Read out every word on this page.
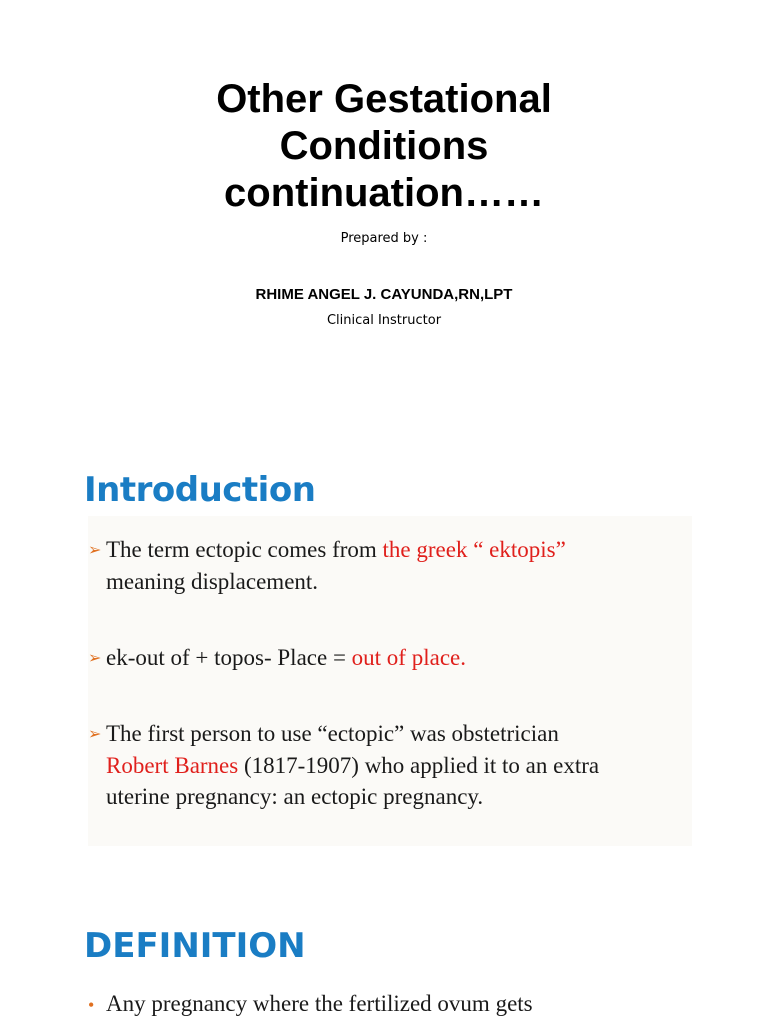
Other Gestational
Conditions
continuation……
Prepared by :
RHIME ANGEL J. CAYUNDA,RN,LPT
Clinical Instructor
Introduction
➢ The term ectopic comes from the greek “ ektopis”
meaning displacement.
➢ ek-out of + topos- Place = out of place.
➢ The first person to use “ectopic” was obstetrician
Robert Barnes (1817-1907) who applied it to an extra
uterine pregnancy: an ectopic pregnancy.
DEFINITION
• Any pregnancy where the fertilized ovum gets
